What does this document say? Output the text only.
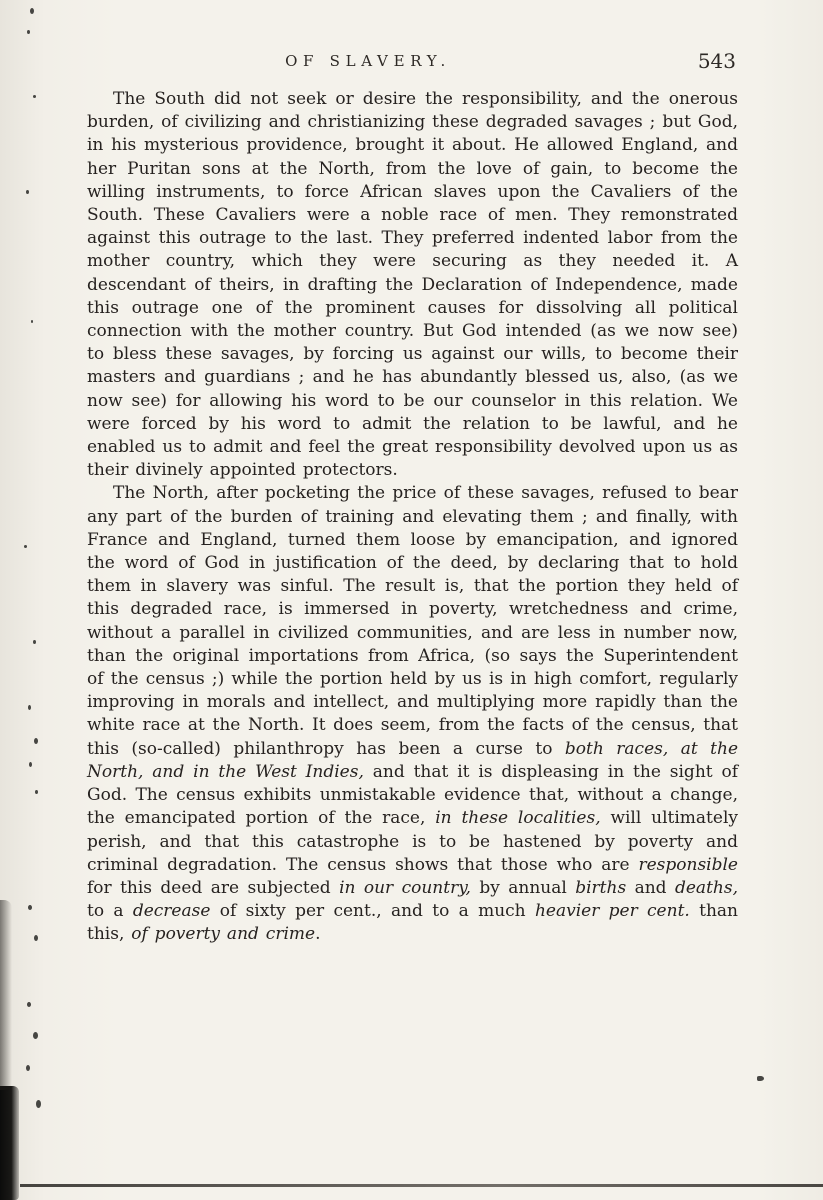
OF SLAVERY.	543

The South did not seek or desire the responsibility, and the onerous burden, of civilizing and christianizing these degraded savages ; but God, in his mysterious providence, brought it about. He allowed England, and her Puritan sons at the North, from the love of gain, to become the willing instruments, to force African slaves upon the Cavaliers of the South. These Cavaliers were a noble race of men. They remonstrated against this outrage to the last. They preferred indented labor from the mother country, which they were securing as they needed it. A descendant of theirs, in drafting the Declaration of Independence, made this outrage one of the prominent causes for dissolving all political connection with the mother country. But God intended (as we now see) to bless these savages, by forcing us against our wills, to become their masters and guardians ; and he has abundantly blessed us, also, (as we now see) for allowing his word to be our counselor in this relation. We were forced by his word to admit the relation to be lawful, and he enabled us to admit and feel the great responsibility devolved upon us as their divinely appointed protectors.

The North, after pocketing the price of these savages, refused to bear any part of the burden of training and elevating them ; and finally, with France and England, turned them loose by emancipation, and ignored the word of God in justification of the deed, by declaring that to hold them in slavery was sinful. The result is, that the portion they held of this degraded race, is immersed in poverty, wretchedness and crime, without a parallel in civilized communities, and are less in number now, than the original importations from Africa, (so says the Superintendent of the census ;) while the portion held by us is in high comfort, regularly improving in morals and intellect, and multiplying more rapidly than the white race at the North. It does seem, from the facts of the census, that this (so-called) philanthropy has been a curse to both races, at the North, and in the West Indies, and that it is displeasing in the sight of God. The census exhibits unmistakable evidence that, without a change, the emancipated portion of the race, in these localities, will ultimately perish, and that this catastrophe is to be hastened by poverty and criminal degradation. The census shows that those who are responsible for this deed are subjected in our country, by annual births and deaths, to a decrease of sixty per cent., and to a much heavier per cent. than this, of poverty and crime.
